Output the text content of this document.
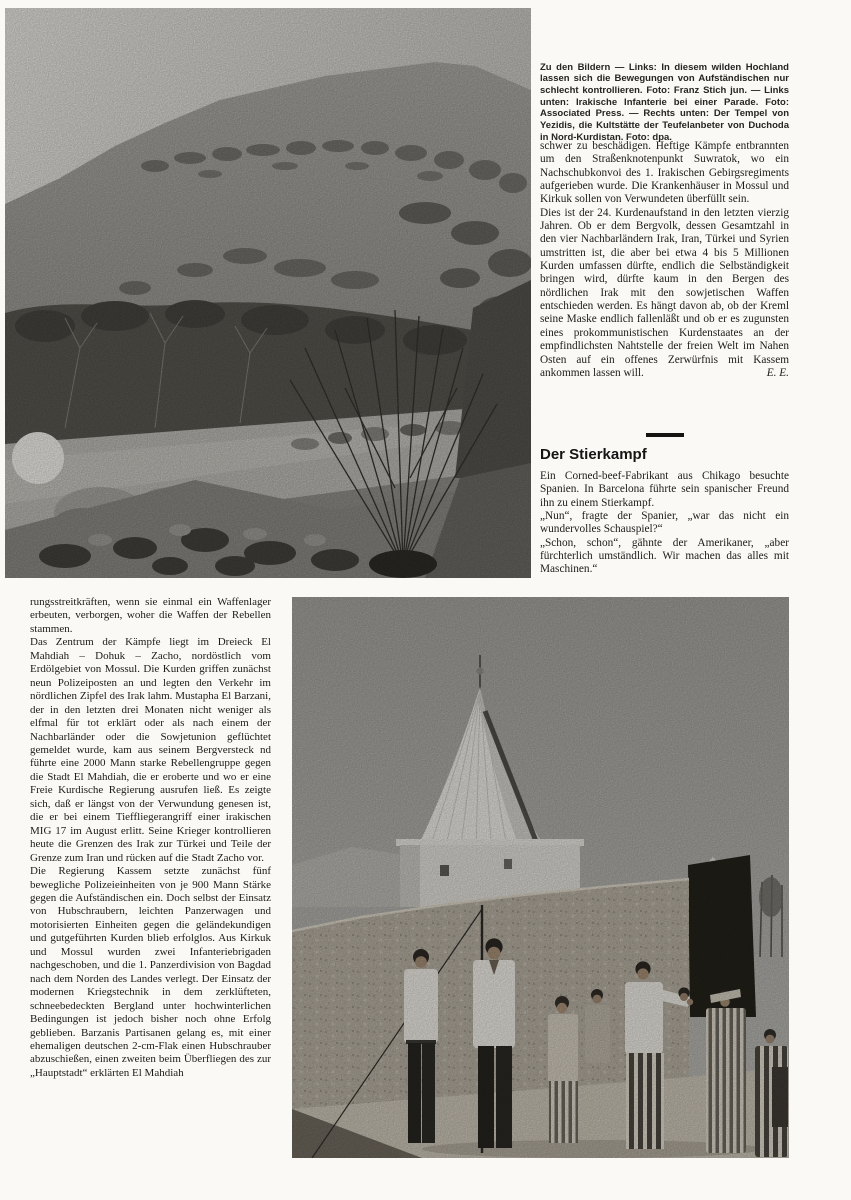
Zu den Bildern — Links: In diesem wilden Hochland lassen sich die Bewegungen von Aufständischen nur schlecht kontrollieren. Foto: Franz Stich jun. — Links unten: Irakische Infanterie bei einer Parade. Foto: Associated Press. — Rechts unten: Der Tempel von Yezidis, die Kultstätte der Teufelanbeter von Duchoda in Nord-Kurdistan. Foto: dpa.

schwer zu beschädigen. Heftige Kämpfe entbrannten um den Straßenknotenpunkt Suwratok, wo ein Nachschubkonvoi des 1. Irakischen Gebirgsregiments aufgerieben wurde. Die Krankenhäuser in Mossul und Kirkuk sollen von Verwundeten überfüllt sein.

Dies ist der 24. Kurdenaufstand in den letzten vierzig Jahren. Ob er dem Bergvolk, dessen Gesamtzahl in den vier Nachbarländern Irak, Iran, Türkei und Syrien umstritten ist, die aber bei etwa 4 bis 5 Millionen Kurden umfassen dürfte, endlich die Selbständigkeit bringen wird, dürfte kaum in den Bergen des nördlichen Irak mit den sowjetischen Waffen entschieden werden. Es hängt davon ab, ob der Kreml seine Maske endlich fallenläßt und ob er es zugunsten eines prokommunistischen Kurdenstaates an der empfindlichsten Nahtstelle der freien Welt im Nahen Osten auf ein offenes Zerwürfnis mit Kassem ankommen lassen will.	E. E.

Der Stierkampf

Ein Corned-beef-Fabrikant aus Chikago besuchte Spanien. In Barcelona führte sein spanischer Freund ihn zu einem Stierkampf.

„Nun“, fragte der Spanier, „war das nicht ein wundervolles Schauspiel?“

„Schon, schon“, gähnte der Amerikaner, „aber fürchterlich umständlich. Wir machen das alles mit Maschinen.“

rungsstreitkräften, wenn sie einmal ein Waffenlager erbeuten, verborgen, woher die Waffen der Rebellen stammen.

Das Zentrum der Kämpfe liegt im Dreieck El Mahdiah – Dohuk – Zacho, nordöstlich vom Erdölgebiet von Mossul. Die Kurden griffen zunächst neun Polizeiposten an und legten den Verkehr im nördlichen Zipfel des Irak lahm. Mustapha El Barzani, der in den letzten drei Monaten nicht weniger als elfmal für tot erklärt oder als nach einem der Nachbarländer oder die Sowjetunion geflüchtet gemeldet wurde, kam aus seinem Bergversteck nd führte eine 2000 Mann starke Rebellengruppe gegen die Stadt El Mahdiah, die er eroberte und wo er eine Freie Kurdische Regierung ausrufen ließ. Es zeigte sich, daß er längst von der Verwundung genesen ist, die er bei einem Tieffliegerangriff einer irakischen MIG 17 im August erlitt. Seine Krieger kontrollieren heute die Grenzen des Irak zur Türkei und Teile der Grenze zum Iran und rücken auf die Stadt Zacho vor.

Die Regierung Kassem setzte zunächst fünf bewegliche Polizeieinheiten von je 900 Mann Stärke gegen die Aufständischen ein. Doch selbst der Einsatz von Hubschraubern, leichten Panzerwagen und motorisierten Einheiten gegen die geländekundigen und gutgeführten Kurden blieb erfolglos. Aus Kirkuk und Mossul wurden zwei Infanteriebrigaden nachgeschoben, und die 1. Panzerdivision von Bagdad nach dem Norden des Landes verlegt. Der Einsatz der modernen Kriegstechnik in dem zerklüfteten, schneebedeckten Bergland unter hochwinterlichen Bedingungen ist jedoch bisher noch ohne Erfolg geblieben. Barzanis Partisanen gelang es, mit einer ehemaligen deutschen 2-cm-Flak einen Hubschrauber abzuschießen, einen zweiten beim Überfliegen des zur „Hauptstadt“ erklärten El Mahdiah
